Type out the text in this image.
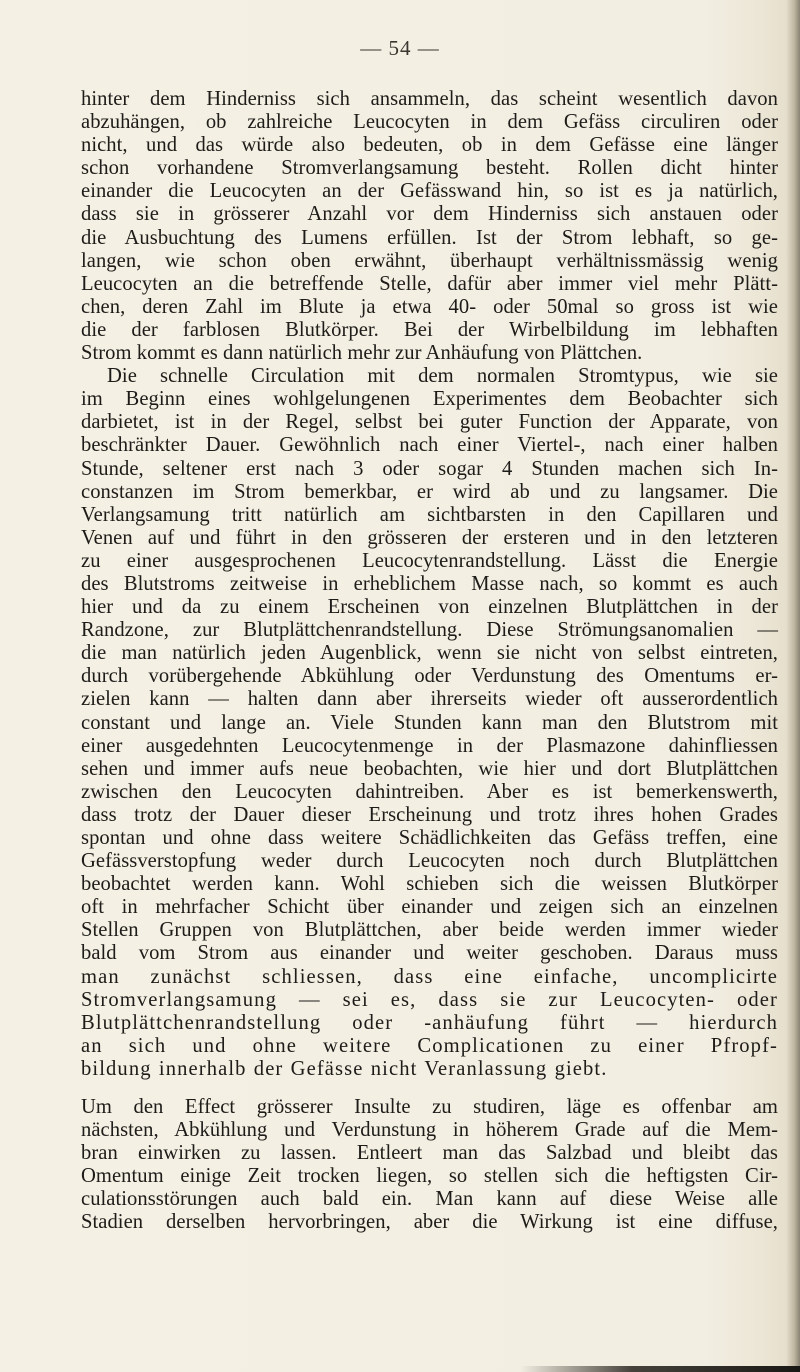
— 54 —
hinter dem Hinderniss sich ansammeln, das scheint wesentlich davon
abzuhängen, ob zahlreiche Leucocyten in dem Gefäss circuliren oder
nicht, und das würde also bedeuten, ob in dem Gefässe eine länger
schon vorhandene Stromverlangsamung besteht. Rollen dicht hinter
einander die Leucocyten an der Gefässwand hin, so ist es ja natürlich,
dass sie in grösserer Anzahl vor dem Hinderniss sich anstauen oder
die Ausbuchtung des Lumens erfüllen. Ist der Strom lebhaft, so ge-
langen, wie schon oben erwähnt, überhaupt verhältnissmässig wenig
Leucocyten an die betreffende Stelle, dafür aber immer viel mehr Plätt-
chen, deren Zahl im Blute ja etwa 40- oder 50mal so gross ist wie
die der farblosen Blutkörper. Bei der Wirbelbildung im lebhaften
Strom kommt es dann natürlich mehr zur Anhäufung von Plättchen.
Die schnelle Circulation mit dem normalen Stromtypus, wie sie
im Beginn eines wohlgelungenen Experimentes dem Beobachter sich
darbietet, ist in der Regel, selbst bei guter Function der Apparate, von
beschränkter Dauer. Gewöhnlich nach einer Viertel-, nach einer halben
Stunde, seltener erst nach 3 oder sogar 4 Stunden machen sich In-
constanzen im Strom bemerkbar, er wird ab und zu langsamer. Die
Verlangsamung tritt natürlich am sichtbarsten in den Capillaren und
Venen auf und führt in den grösseren der ersteren und in den letzteren
zu einer ausgesprochenen Leucocytenrandstellung. Lässt die Energie
des Blutstroms zeitweise in erheblichem Masse nach, so kommt es auch
hier und da zu einem Erscheinen von einzelnen Blutplättchen in der
Randzone, zur Blutplättchenrandstellung. Diese Strömungsanomalien —
die man natürlich jeden Augenblick, wenn sie nicht von selbst eintreten,
durch vorübergehende Abkühlung oder Verdunstung des Omentums er-
zielen kann — halten dann aber ihrerseits wieder oft ausserordentlich
constant und lange an. Viele Stunden kann man den Blutstrom mit
einer ausgedehnten Leucocytenmenge in der Plasmazone dahinfliessen
sehen und immer aufs neue beobachten, wie hier und dort Blutplättchen
zwischen den Leucocyten dahintreiben. Aber es ist bemerkenswerth,
dass trotz der Dauer dieser Erscheinung und trotz ihres hohen Grades
spontan und ohne dass weitere Schädlichkeiten das Gefäss treffen, eine
Gefässverstopfung weder durch Leucocyten noch durch Blutplättchen
beobachtet werden kann. Wohl schieben sich die weissen Blutkörper
oft in mehrfacher Schicht über einander und zeigen sich an einzelnen
Stellen Gruppen von Blutplättchen, aber beide werden immer wieder
bald vom Strom aus einander und weiter geschoben. Daraus muss
man zunächst schliessen, dass eine einfache, uncomplicirte
Stromverlangsamung — sei es, dass sie zur Leucocyten- oder
Blutplättchenrandstellung oder -anhäufung führt — hierdurch
an sich und ohne weitere Complicationen zu einer Pfropf-
bildung innerhalb der Gefässe nicht Veranlassung giebt.
Um den Effect grösserer Insulte zu studiren, läge es offenbar am
nächsten, Abkühlung und Verdunstung in höherem Grade auf die Mem-
bran einwirken zu lassen. Entleert man das Salzbad und bleibt das
Omentum einige Zeit trocken liegen, so stellen sich die heftigsten Cir-
culationsstörungen auch bald ein. Man kann auf diese Weise alle
Stadien derselben hervorbringen, aber die Wirkung ist eine diffuse,
